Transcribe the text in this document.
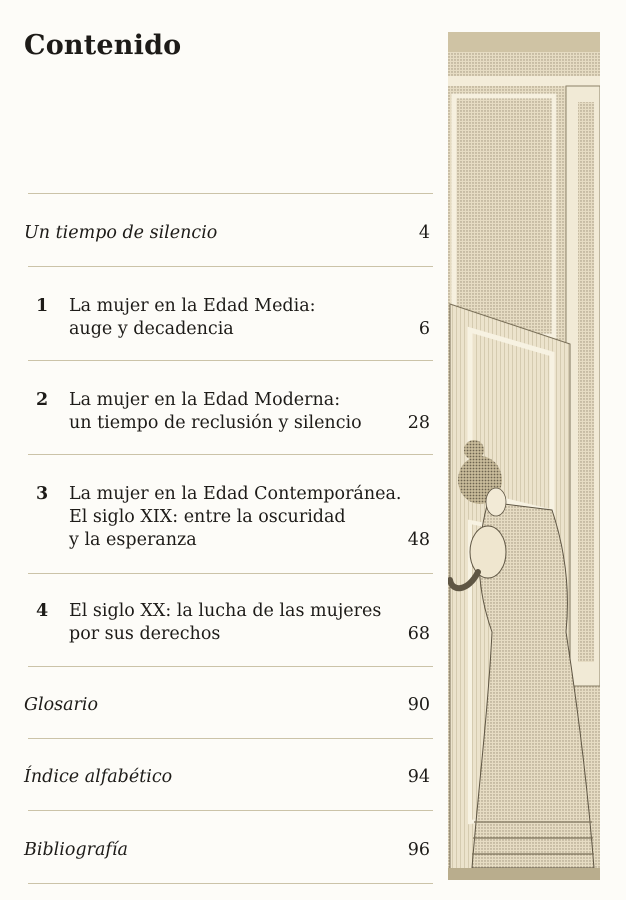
Contenido
Un tiempo de silencio	4
1 La mujer en la Edad Media:
auge y decadencia	6
2 La mujer en la Edad Moderna:
un tiempo de reclusión y silencio	28
3 La mujer en la Edad Contemporánea.
El siglo XIX: entre la oscuridad
y la esperanza	48
4 El siglo XX: la lucha de las mujeres
por sus derechos	68
Glosario	90
Índice alfabético	94
Bibliografía	96
